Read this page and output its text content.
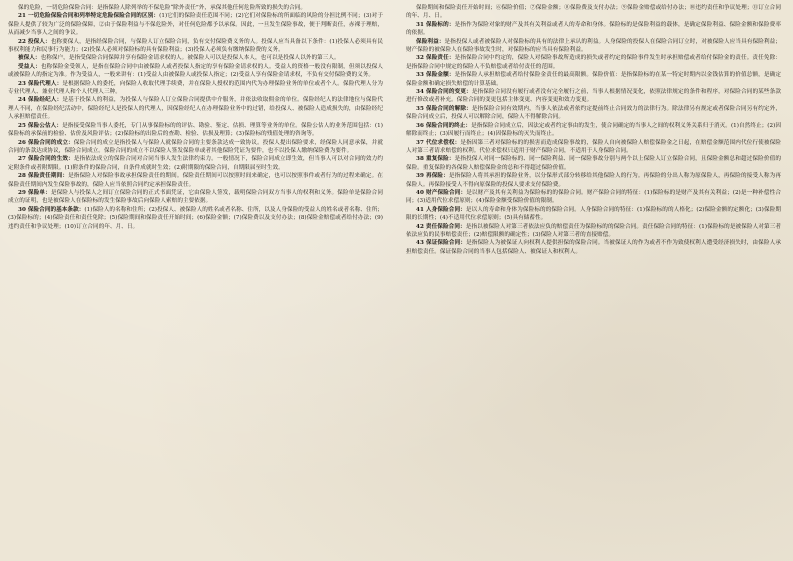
保的危险，一切危险保险合同：是指保险人除列举的不保危险“除外责任”外，承保其他任何危险所致的损失的合同。

21 一切危险保险合同和列举特定危险保险合同的区别：(1)它们的保险责任范围不同；(2)它们对保险标的所面临的风险的分担比例不同；(3)对于保险人提供了较为广泛的保险保障，②由于保险利益与不保危险外，对任何危险都予以承保。因此，一旦发生保险事故，便于判断责任，赤裸于理赔，从而减少当事人之间的争议。

22 投保人：也称要保人，是指经保险合同，与保险人订立保险合同，负有交付保险费义务的人。投保人应当具备以下条件：(1)投保人必须具有民事权利能力和民事行为能力；(2)投保人必须对保险标的具有保险利益；(3)投保人必须负有缴纳保险费的义务。

被保人：也称保户，是指受保险合同保障并享有保险金请求权的人。被保险人可以是投保人本人，也可以是投保人以外的第三人。

受益人：也称保险金受领人，是指在保险合同中由被保险人或者投保人指定的享有保险金请求权的人。受益人的资格一般没有限制，但须以投保人或被保险人的指定为准。作为受益人，一般来讲有：(1)受益人由被保险人或投保人指定；(2)受益人享有保险金请求权，不负有交付保险费的义务。

23 保险代理人：是根据保险人的委托，向保险人收取代理手续费，并在保险人授权的范围内代为办理保险业务的单位或者个人。保险代理人分为专业代理人、兼业代理人和个人代理人三种。

24 保险经纪人：是基于投保人的利益，为投保人与保险人订立保险合同提供中介服务，并依法收取佣金的单位。保险经纪人的法律地位与保险代理人不同，在保险经纪活动中，保险经纪人是投保人的代理人，因保险经纪人在办理保险业务中的过错，给投保人、被保险人造成损失的，由保险经纪人承担赔偿责任。

25 保险公估人：是指接受保险当事人委托，专门从事保险标的的评估、勘验、鉴定、估损、理算等业务的单位。保险公估人的业务范围包括：(1)保险标的承保前的检验、估价及风险评估；(2)保险标的出险后的查勘、检验、估损及理算；(3)保险标的残值处理的咨询等。

26 保险合同的成立：保险合同的成立是指投保人与保险人就保险合同的主要条款达成一致协议。投保人提出保险要求，经保险人同意承保，并就合同的条款达成协议，保险合同成立。保险合同的成立不以保险人签发保险单或者其他保险凭证为要件，也不以投保人缴纳保险费为要件。

27 保险合同的生效：是指依法成立的保险合同对合同当事人发生法律约束力。一般情况下，保险合同成立即生效，但当事人可以对合同的效力约定附条件或者附期限。(1)附条件的保险合同，自条件成就时生效；(2)附期限的保险合同，自期限届至时生效。

28 保险责任期间：是指保险人对保险事故承担保险责任的期间。保险责任期间可以按照时间来确定，也可以按照事件或者行为的过程来确定。在保险责任期间内发生保险事故的，保险人应当依照合同约定承担保险责任。

29 保险单：是保险人与投保人之间订立保险合同的正式书面凭证，它由保险人签发，载明保险合同双方当事人的权利和义务。保险单是保险合同成立的证明，也是被保险人在保险标的发生保险事故后向保险人索赔的主要依据。

30 保险合同的基本条款：(1)保险人的名称和住所；(2)投保人、被保险人的姓名或者名称、住所，以及人身保险的受益人的姓名或者名称、住所；(3)保险标的；(4)保险责任和责任免除；(5)保险期间和保险责任开始时间；(6)保险金额；(7)保险费以及支付办法；(8)保险金赔偿或者给付办法；(9)违约责任和争议处理；(10)订立合同的年、月、日。

保险期间和保险责任开始时间；⑥保险价值；⑦保险金额；⑧保险费及支付办法；⑨保险金赔偿或给付办法；⑩违约责任和争议处理；⑪订立合同的年、月、日。

31 保险标的：是指作为保险对象的财产及其有关利益或者人的寿命和身体。保险标的是保险利益的载体，是确定保险利益、保险金额和保险费率的依据。

保险利益：是指投保人或者被保险人对保险标的具有的法律上承认的利益。人身保险的投保人在保险合同订立时，对被保险人应当具有保险利益；财产保险的被保险人在保险事故发生时，对保险标的应当具有保险利益。

32 保险责任：是指保险合同中约定的，保险人对保险事故所造成的损失或者约定的保险事件发生时承担赔偿或者给付保险金的责任。责任免除：是指保险合同中规定的保险人不负赔偿或者给付责任的范围。

33 保险金额：是指保险人承担赔偿或者给付保险金责任的最高限额。保险价值：是指保险标的在某一特定时期内以金钱估算的价值总额，是确定保险金额和确定损失赔偿的计算基础。

34 保险合同的变更：是指保险合同没有履行或者没有完全履行之前，当事人根据情况变化，依照法律规定的条件和程序，对保险合同的某些条款进行修改或者补充。保险合同的变更包括主体变更、内容变更和效力变更。

35 保险合同的解除：是指保险合同有效期内，当事人依法或者依约定提前终止合同效力的法律行为。除法律另有规定或者保险合同另有约定外，保险合同成立后，投保人可以解除合同，保险人不得解除合同。

36 保险合同的终止：是指保险合同成立后，因法定或者约定事由的发生，使合同确定的当事人之间的权利义务关系归于消灭。(1)自然终止；(2)因解除而终止；(3)因履行而终止；(4)因保险标的灭失而终止。

37 代位求偿权：是指因第三者对保险标的的损害而造成保险事故的，保险人自向被保险人赔偿保险金之日起，在赔偿金额范围内代位行使被保险人对第三者请求赔偿的权利。代位求偿权只适用于财产保险合同，不适用于人身保险合同。

38 重复保险：是指投保人对同一保险标的、同一保险利益、同一保险事故分别与两个以上保险人订立保险合同，且保险金额总和超过保险价值的保险。重复保险的各保险人赔偿保险金的总和不得超过保险价值。

39 再保险：是指保险人将其承担的保险业务，以分保形式部分转移给其他保险人的行为。再保险的分出人称为原保险人，再保险的接受人称为再保险人。再保险接受人不得向原保险的投保人要求支付保险费。

40 财产保险合同：是以财产及其有关利益为保险标的的保险合同。财产保险合同的特征：(1)保险标的是财产及其有关利益；(2)是一种补偿性合同；(3)适用代位求偿原则；(4)保险金额受保险价值的限制。

41 人身保险合同：是以人的寿命和身体为保险标的的保险合同。人身保险合同的特征：(1)保险标的的人格化；(2)保险金额的定额化；(3)保险期限的长期性；(4)不适用代位求偿原则；(5)具有储蓄性。

42 责任保险合同：是指以被保险人对第三者依法应负的赔偿责任为保险标的的保险合同。责任保险合同的特征：(1)保险标的是被保险人对第三者依法应负的民事赔偿责任；(2)赔偿限额的确定性；(3)保险人对第三者的直接赔偿。

43 保证保险合同：是指保险人为被保证人向权利人提供担保的保险合同。当被保证人的作为或者不作为致使权利人遭受经济损失时，由保险人承担赔偿责任。保证保险合同的当事人包括保险人、被保证人和权利人。
